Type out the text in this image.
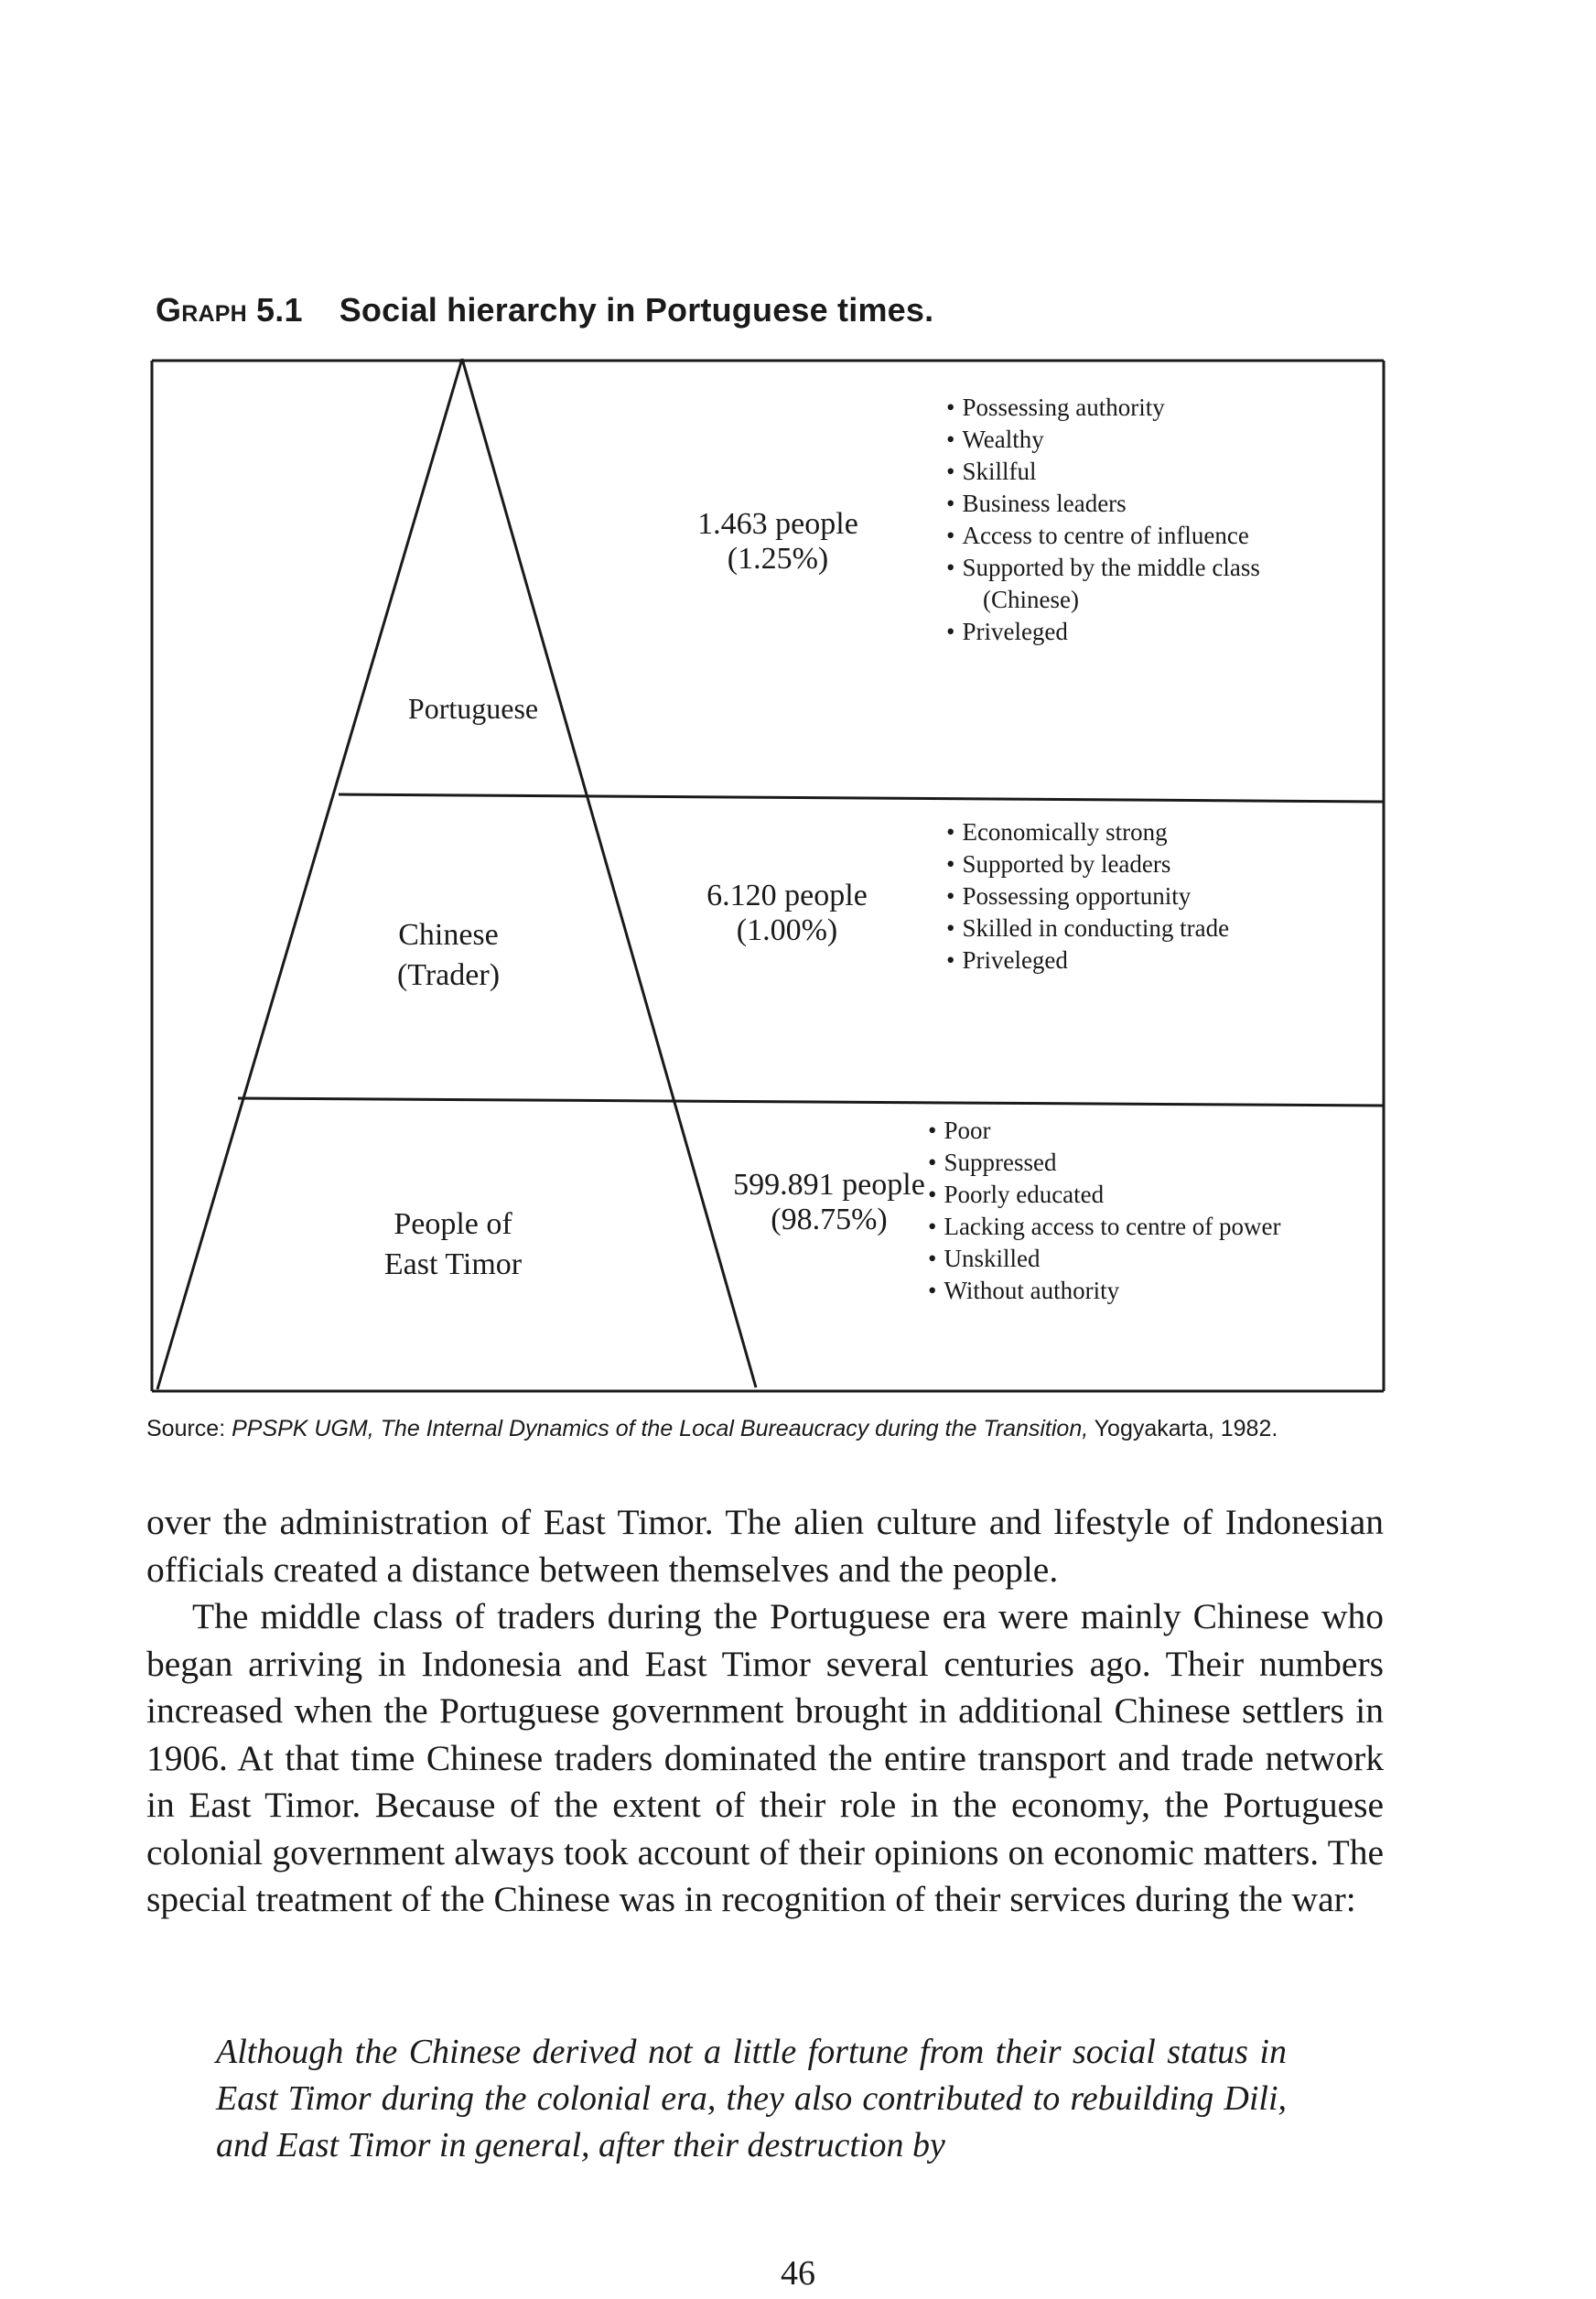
Graph 5.1 Social hierarchy in Portuguese times.
Portuguese
1.463 people
(1.25%)
• Possessing authority
• Wealthy
• Skillful
• Business leaders
• Access to centre of influence
• Supported by the middle class
(Chinese)
• Priveleged
Chinese
(Trader)
6.120 people
(1.00%)
• Economically strong
• Supported by leaders
• Possessing opportunity
• Skilled in conducting trade
• Priveleged
People of
East Timor
599.891 people
(98.75%)
• Poor
• Suppressed
• Poorly educated
• Lacking access to centre of power
• Unskilled
• Without authority
Source: PPSPK UGM, The Internal Dynamics of the Local Bureaucracy during the Transition, Yogyakarta, 1982.

over the administration of East Timor. The alien culture and lifestyle of Indonesian officials created a distance between themselves and the people.

The middle class of traders during the Portuguese era were mainly Chinese who began arriving in Indonesia and East Timor several centuries ago. Their numbers increased when the Portuguese government brought in additional Chinese settlers in 1906. At that time Chinese traders dominated the entire transport and trade network in East Timor. Because of the extent of their role in the economy, the Portuguese colonial government always took account of their opinions on economic matters. The special treatment of the Chinese was in recognition of their services during the war:

Although the Chinese derived not a little fortune from their social status in East Timor during the colonial era, they also contributed to rebuilding Dili, and East Timor in general, after their destruction by
46
